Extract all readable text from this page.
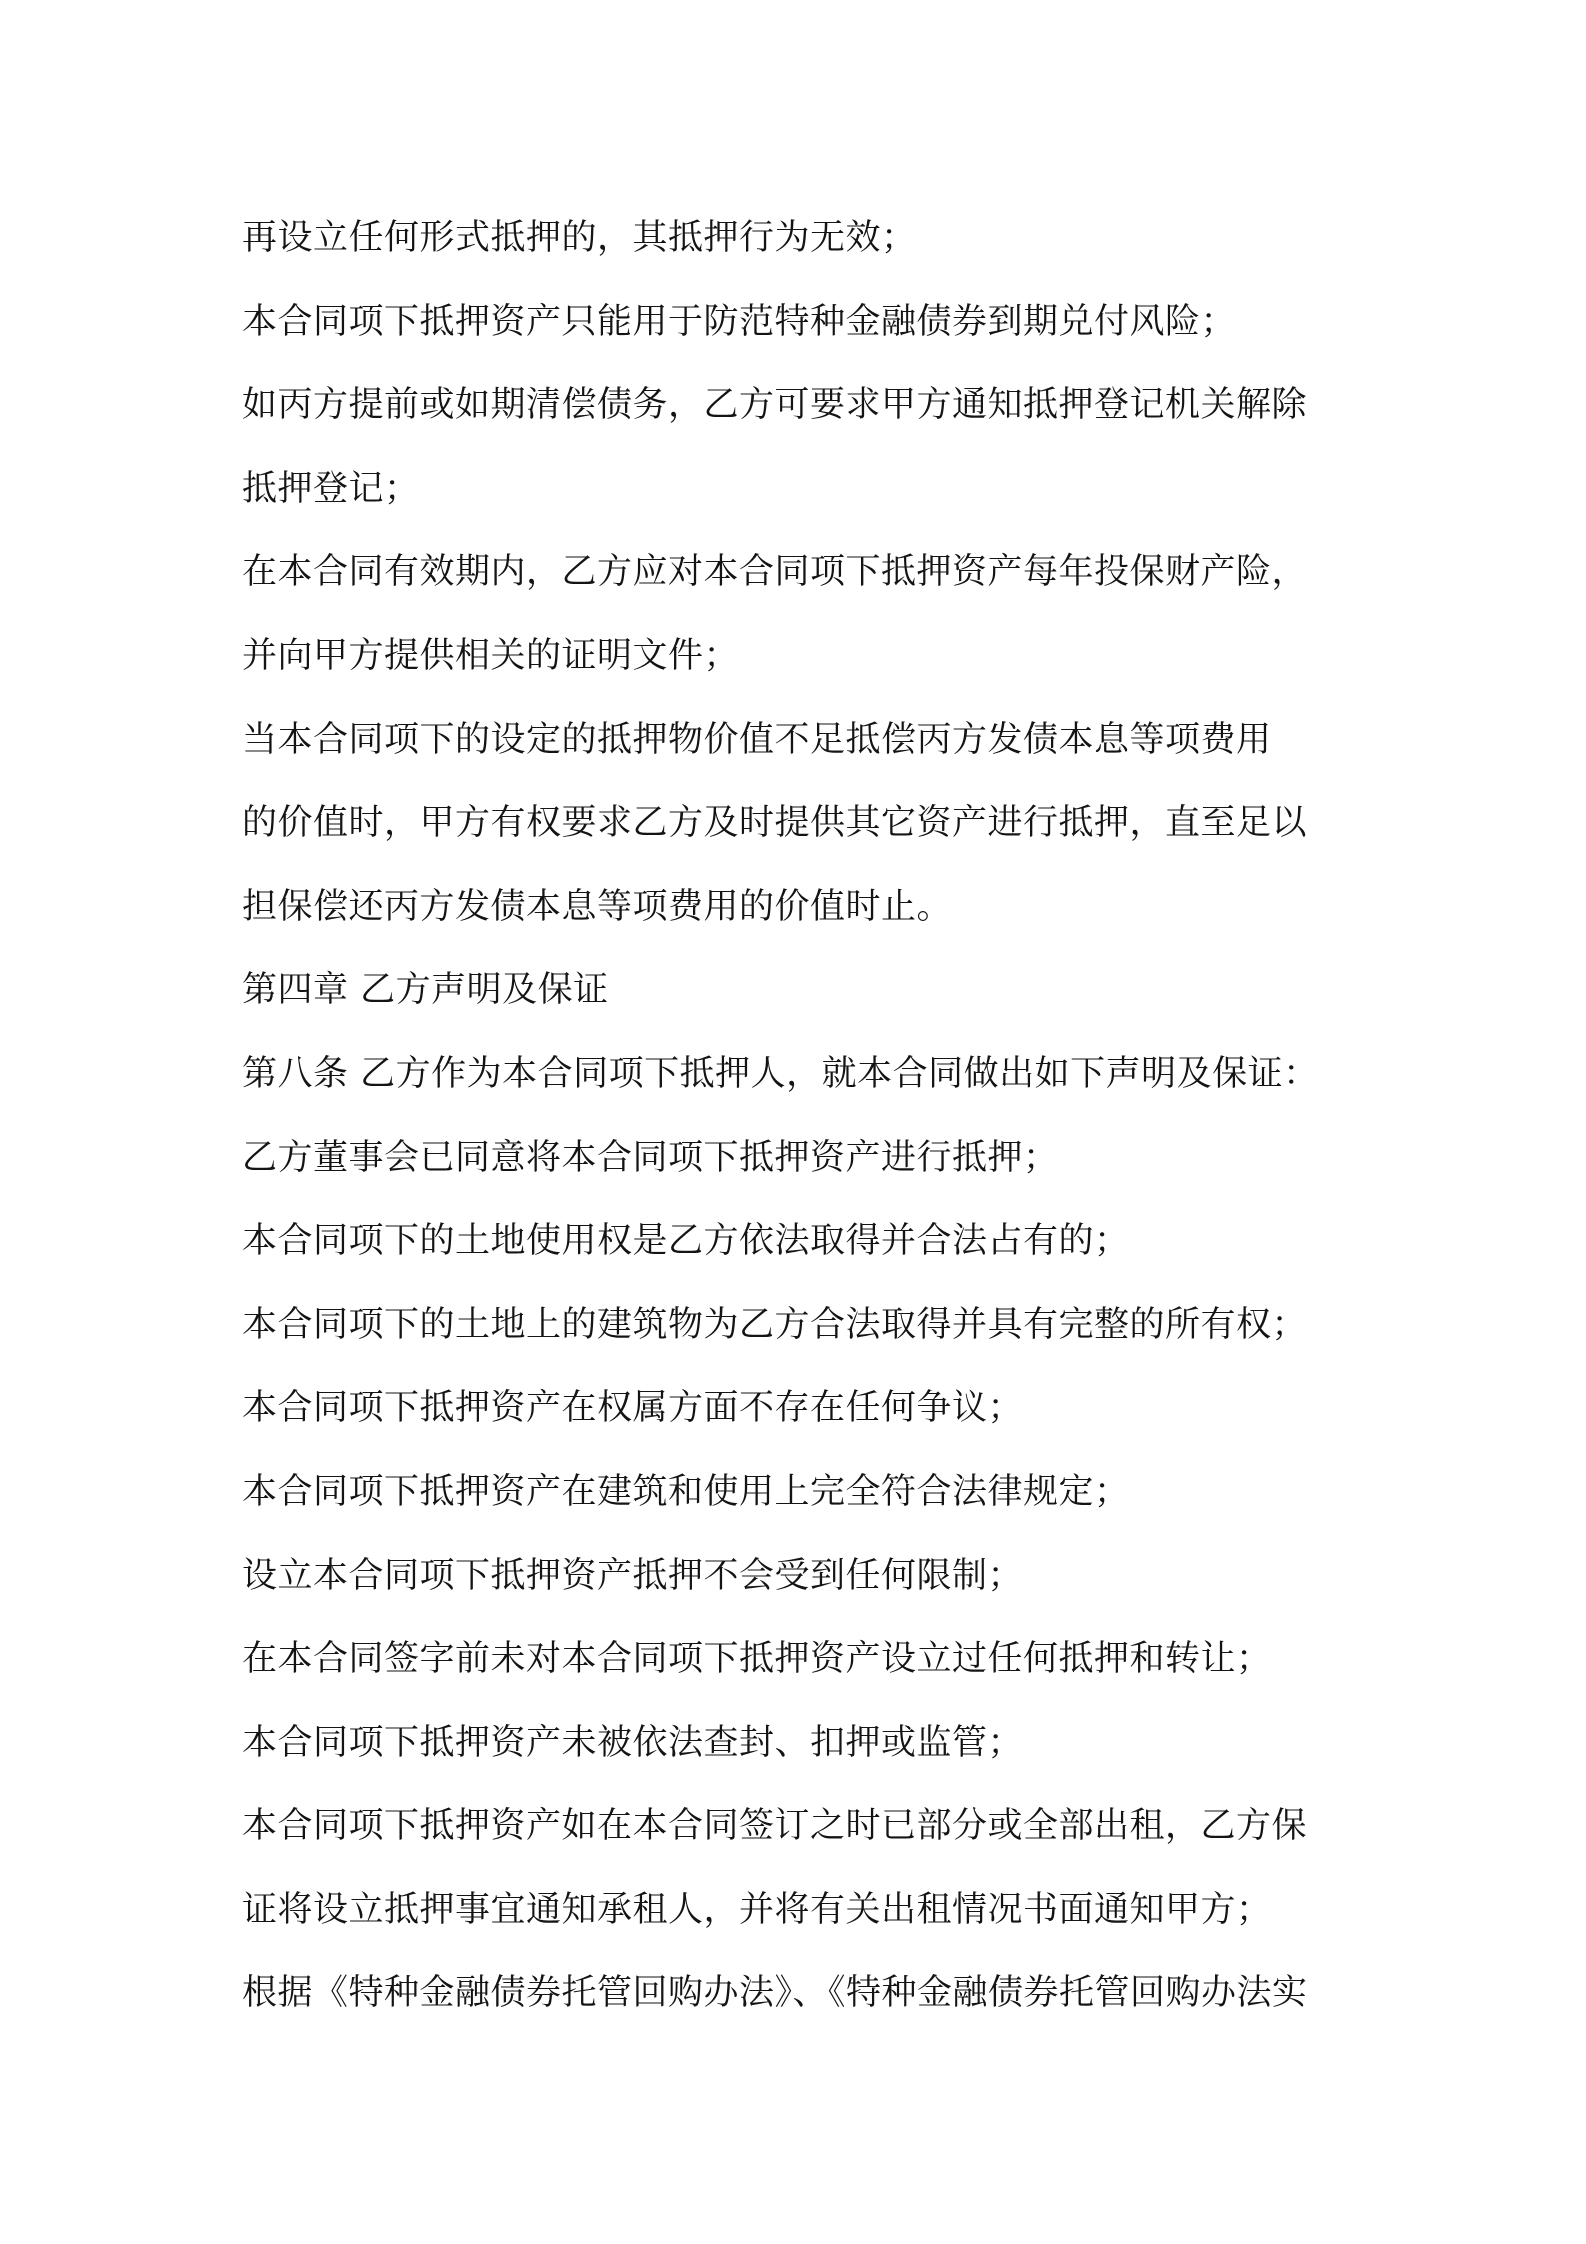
再设立任何形式抵押的，其抵押行为无效；
本合同项下抵押资产只能用于防范特种金融债券到期兑付风险；
如丙方提前或如期清偿债务，乙方可要求甲方通知抵押登记机关解除
抵押登记；
在本合同有效期内，乙方应对本合同项下抵押资产每年投保财产险，
并向甲方提供相关的证明文件；
当本合同项下的设定的抵押物价值不足抵偿丙方发债本息等项费用
的价值时，甲方有权要求乙方及时提供其它资产进行抵押，直至足以
担保偿还丙方发债本息等项费用的价值时止。
第四章 乙方声明及保证
第八条 乙方作为本合同项下抵押人，就本合同做出如下声明及保证：
乙方董事会已同意将本合同项下抵押资产进行抵押；
本合同项下的土地使用权是乙方依法取得并合法占有的；
本合同项下的土地上的建筑物为乙方合法取得并具有完整的所有权；
本合同项下抵押资产在权属方面不存在任何争议；
本合同项下抵押资产在建筑和使用上完全符合法律规定；
设立本合同项下抵押资产抵押不会受到任何限制；
在本合同签字前未对本合同项下抵押资产设立过任何抵押和转让；
本合同项下抵押资产未被依法查封、扣押或监管；
本合同项下抵押资产如在本合同签订之时已部分或全部出租，乙方保
证将设立抵押事宜通知承租人，并将有关出租情况书面通知甲方；
根据《特种金融债券托管回购办法》、《特种金融债券托管回购办法实
